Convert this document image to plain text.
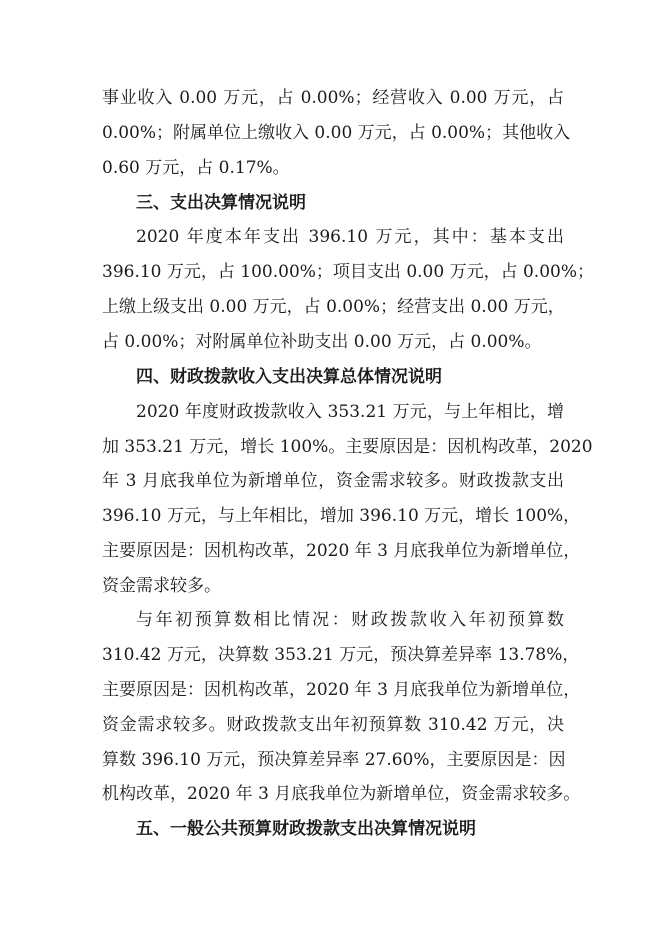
事业收入 0.00 万元，占 0.00%；经营收入 0.00 万元，占
0.00%；附属单位上缴收入 0.00 万元，占 0.00%；其他收入
0.60 万元，占 0.17%。
三、支出决算情况说明
2020 年度本年支出 396.10 万元，其中：基本支出
396.10 万元，占 100.00%；项目支出 0.00 万元，占 0.00%；
上缴上级支出 0.00 万元，占 0.00%；经营支出 0.00 万元，
占 0.00%；对附属单位补助支出 0.00 万元，占 0.00%。
四、财政拨款收入支出决算总体情况说明
2020 年度财政拨款收入 353.21 万元，与上年相比，增
加 353.21 万元，增长 100%。主要原因是：因机构改革，2020
年 3 月底我单位为新增单位，资金需求较多。财政拨款支出
396.10 万元，与上年相比，增加 396.10 万元，增长 100%，
主要原因是：因机构改革，2020 年 3 月底我单位为新增单位，
资金需求较多。
与年初预算数相比情况：财政拨款收入年初预算数
310.42 万元，决算数 353.21 万元，预决算差异率 13.78%，
主要原因是：因机构改革，2020 年 3 月底我单位为新增单位，
资金需求较多。财政拨款支出年初预算数 310.42 万元，决
算数 396.10 万元，预决算差异率 27.60%，主要原因是：因
机构改革，2020 年 3 月底我单位为新增单位，资金需求较多。
五、一般公共预算财政拨款支出决算情况说明
